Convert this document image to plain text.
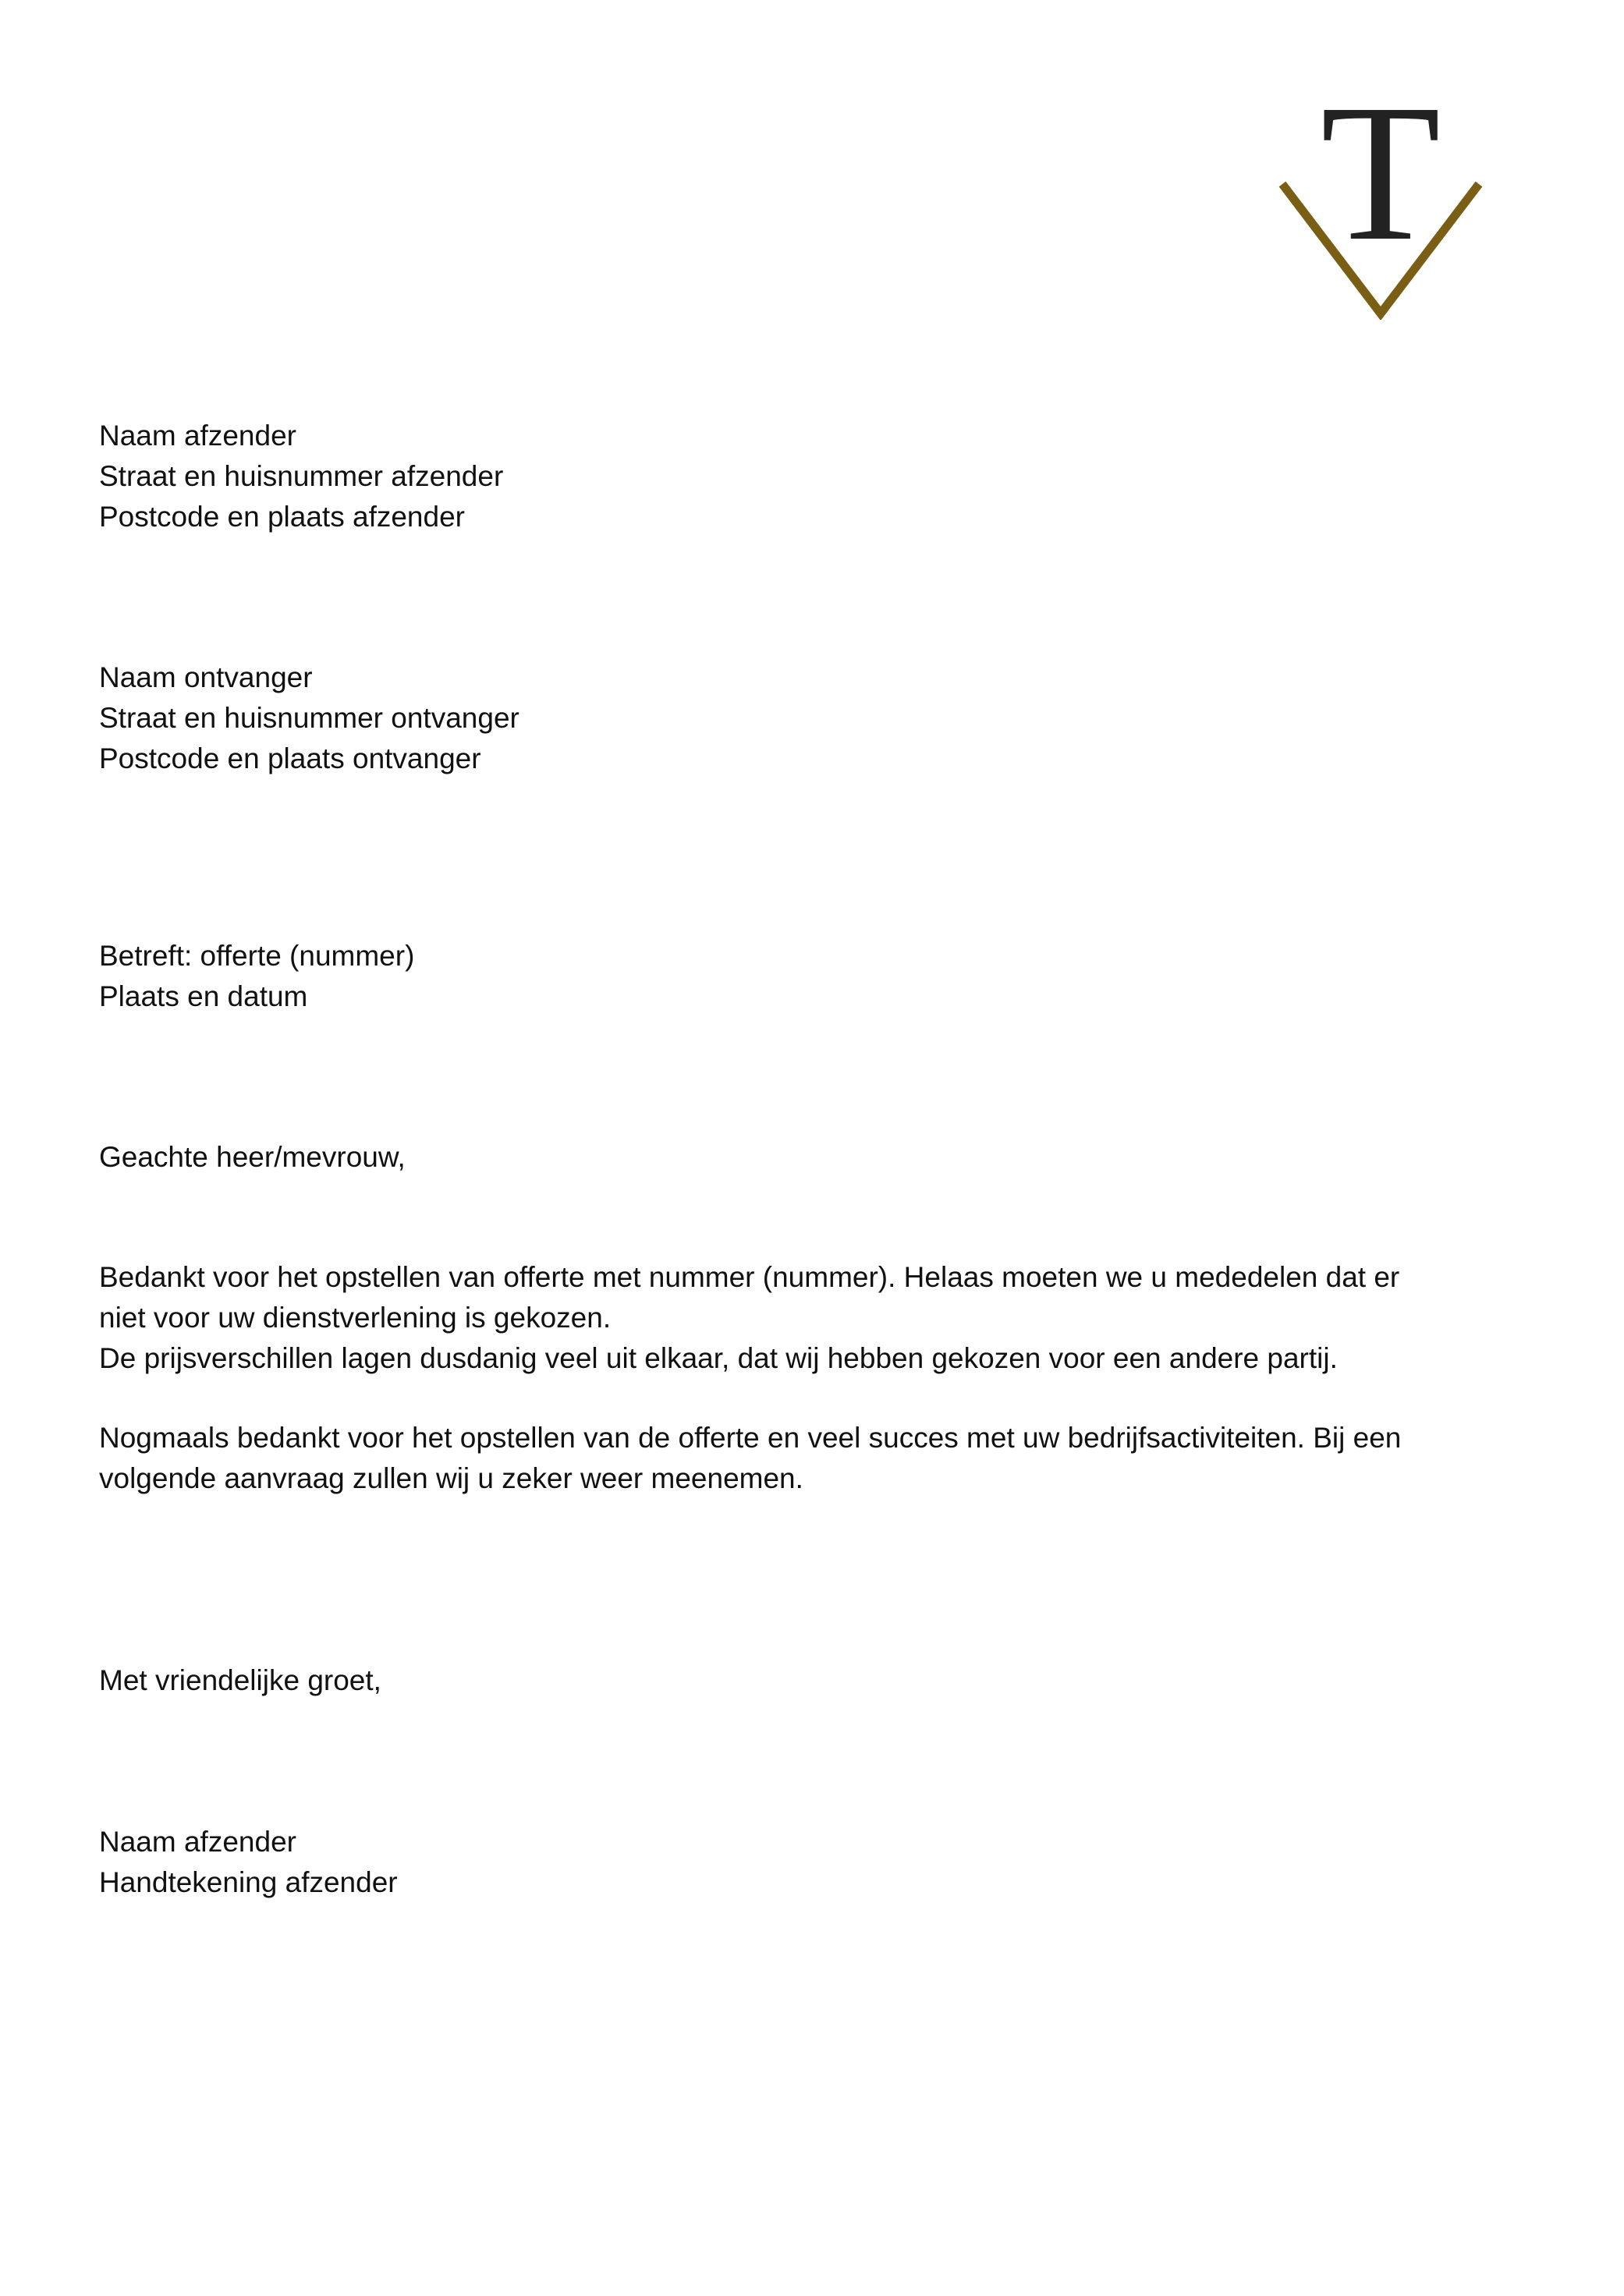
T
Naam afzender
Straat en huisnummer afzender
Postcode en plaats afzender
Naam ontvanger
Straat en huisnummer ontvanger
Postcode en plaats ontvanger
Betreft: offerte (nummer)
Plaats en datum
Geachte heer/mevrouw,
Bedankt voor het opstellen van offerte met nummer (nummer). Helaas moeten we u mededelen dat er
niet voor uw dienstverlening is gekozen.
De prijsverschillen lagen dusdanig veel uit elkaar, dat wij hebben gekozen voor een andere partij.
Nogmaals bedankt voor het opstellen van de offerte en veel succes met uw bedrijfsactiviteiten. Bij een
volgende aanvraag zullen wij u zeker weer meenemen.
Met vriendelijke groet,
Naam afzender
Handtekening afzender
